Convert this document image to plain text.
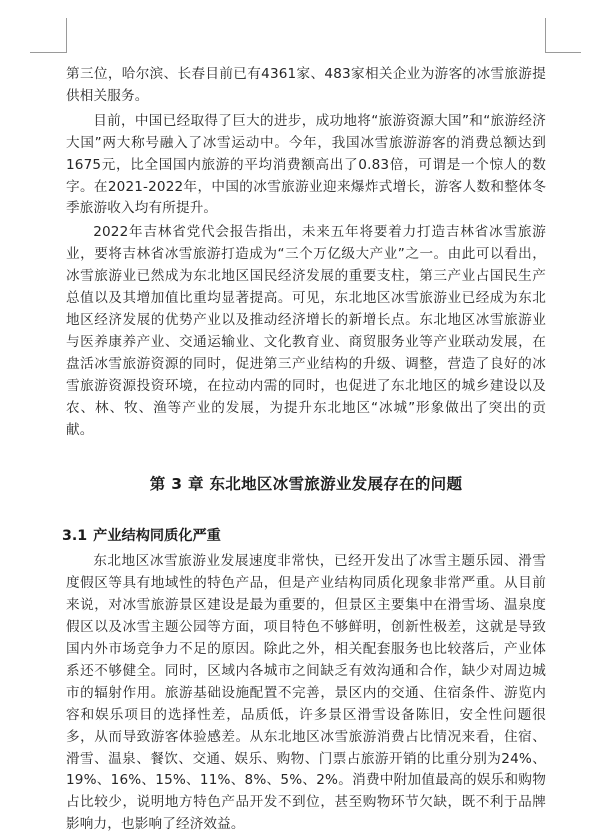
第三位，哈尔滨、长春目前已有4361家、483家相关企业为游客的冰雪旅游提供相关服务。

目前，中国已经取得了巨大的进步，成功地将“旅游资源大国”和“旅游经济大国”两大称号融入了冰雪运动中。今年，我国冰雪旅游游客的消费总额达到1675元，比全国国内旅游的平均消费额高出了0.83倍，可谓是一个惊人的数字。在2021-2022年，中国的冰雪旅游业迎来爆炸式增长，游客人数和整体冬季旅游收入均有所提升。

2022年吉林省党代会报告指出，未来五年将要着力打造吉林省冰雪旅游业，要将吉林省冰雪旅游打造成为“三个万亿级大产业”之一。由此可以看出，冰雪旅游业已然成为东北地区国民经济发展的重要支柱，第三产业占国民生产总值以及其增加值比重均显著提高。可见，东北地区冰雪旅游业已经成为东北地区经济发展的优势产业以及推动经济增长的新增长点。东北地区冰雪旅游业与医养康养产业、交通运输业、文化教育业、商贸服务业等产业联动发展，在盘活冰雪旅游资源的同时，促进第三产业结构的升级、调整，营造了良好的冰雪旅游资源投资环境，在拉动内需的同时，也促进了东北地区的城乡建设以及农、林、牧、渔等产业的发展，为提升东北地区“冰城”形象做出了突出的贡献。

第 3 章 东北地区冰雪旅游业发展存在的问题
3.1 产业结构同质化严重

东北地区冰雪旅游业发展速度非常快，已经开发出了冰雪主题乐园、滑雪度假区等具有地域性的特色产品，但是产业结构同质化现象非常严重。从目前来说，对冰雪旅游景区建设是最为重要的，但景区主要集中在滑雪场、温泉度假区以及冰雪主题公园等方面，项目特色不够鲜明，创新性极差，这就是导致国内外市场竞争力不足的原因。除此之外，相关配套服务也比较落后，产业体系还不够健全。同时，区域内各城市之间缺乏有效沟通和合作，缺少对周边城市的辐射作用。旅游基础设施配置不完善，景区内的交通、住宿条件、游览内容和娱乐项目的选择性差，品质低，许多景区滑雪设备陈旧，安全性问题很多，从而导致游客体验感差。从东北地区冰雪旅游消费占比情况来看，住宿、滑雪、温泉、餐饮、交通、娱乐、购物、门票占旅游开销的比重分别为24%、19%、16%、15%、11%、8%、5%、2%。消费中附加值最高的娱乐和购物占比较少，说明地方特色产品开发不到位，甚至购物环节欠缺，既不利于品牌影响力，也影响了经济效益。
